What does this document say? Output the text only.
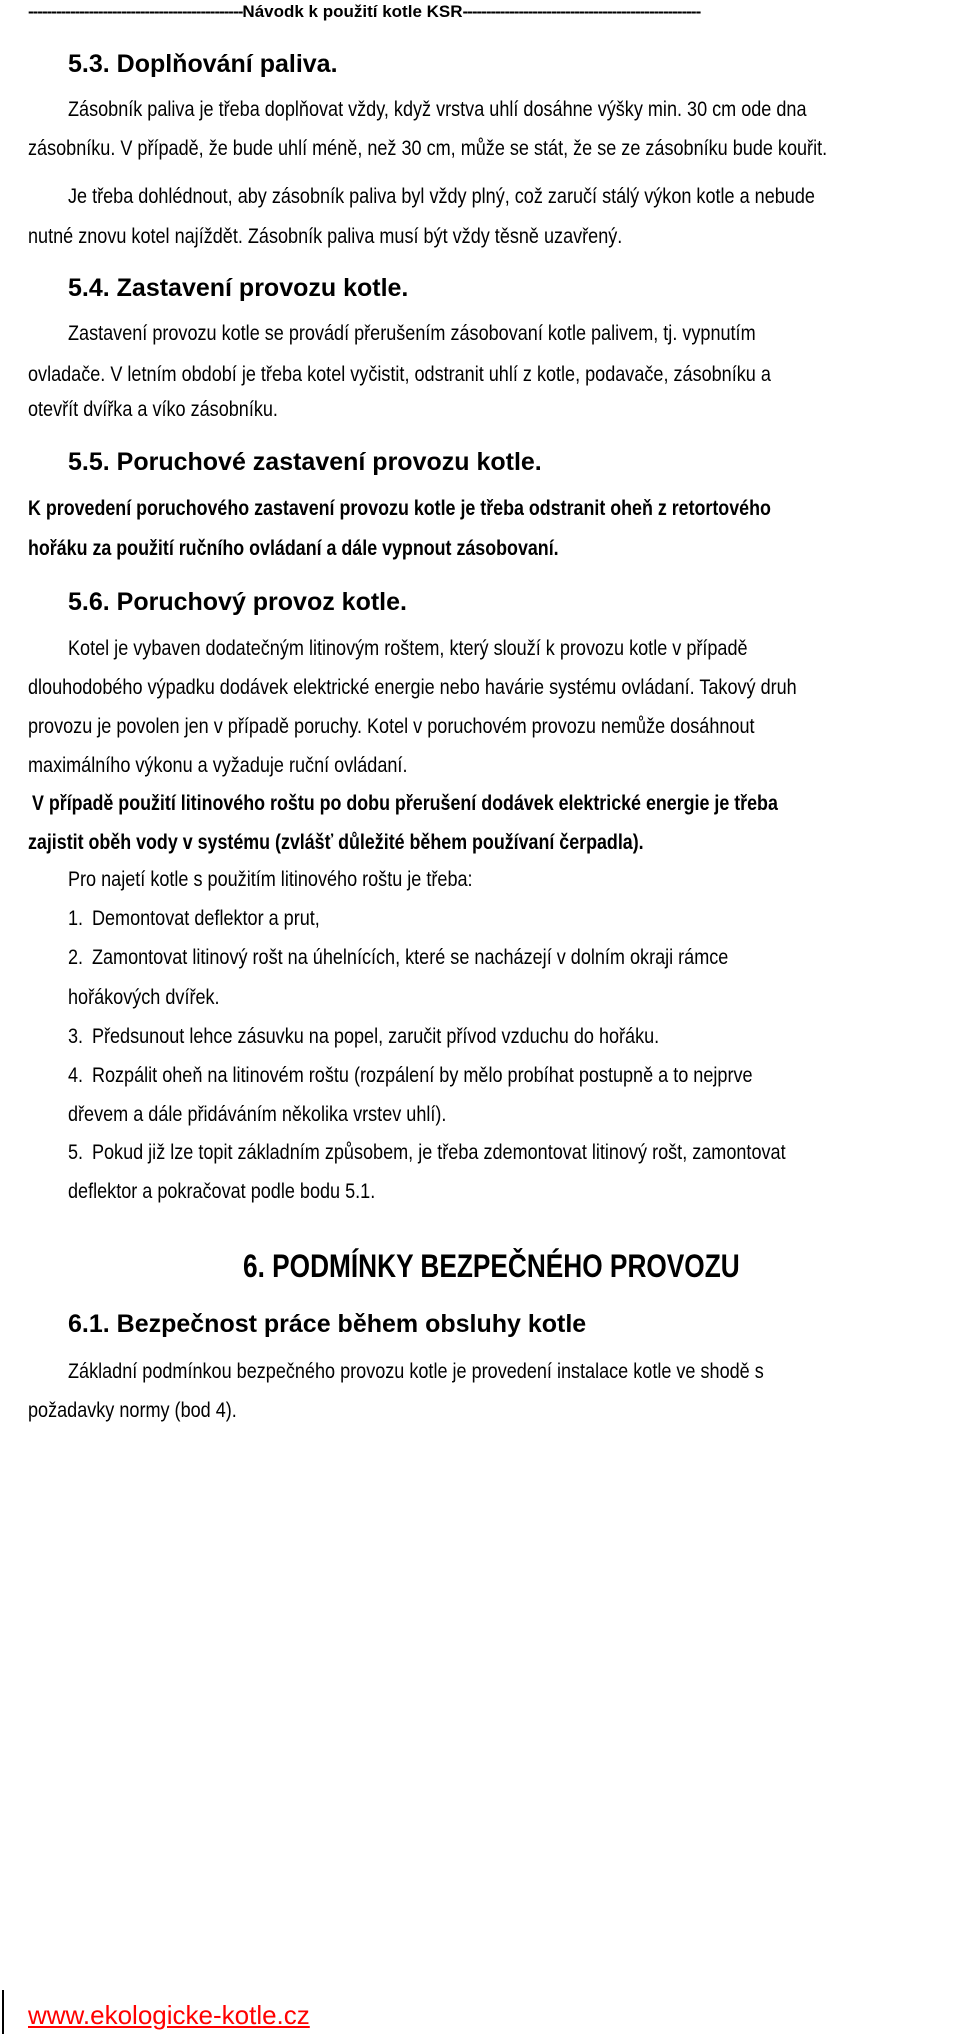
----------------------------------------------Návodk k použití kotle KSR---------------------------------------------------
5.3. Doplňování paliva.
Zásobník paliva je třeba doplňovat vždy, když vrstva uhlí dosáhne výšky min. 30 cm ode dna
zásobníku. V případě, že bude uhlí méně, než 30 cm, může se stát, že se ze zásobníku bude kouřit.
Je třeba dohlédnout, aby zásobník paliva byl vždy plný, což zaručí stálý výkon kotle a nebude
nutné znovu kotel najíždět. Zásobník paliva musí být vždy těsně uzavřený.
5.4. Zastavení provozu kotle.
Zastavení provozu kotle se provádí přerušením zásobovaní kotle palivem, tj. vypnutím
ovladače. V letním období je třeba kotel vyčistit, odstranit uhlí z kotle, podavače, zásobníku a
otevřít dvířka a víko zásobníku.
5.5. Poruchové zastavení provozu kotle.
K provedení poruchového zastavení provozu kotle je třeba odstranit oheň z retortového
hořáku za použití ručního ovládaní a dále vypnout zásobovaní.
5.6. Poruchový provoz kotle.
Kotel je vybaven dodatečným litinovým roštem, který slouží k provozu kotle v případě
dlouhodobého výpadku dodávek elektrické energie nebo havárie systému ovládaní. Takový druh
provozu je povolen jen v případě poruchy. Kotel v poruchovém provozu nemůže dosáhnout
maximálního výkonu a vyžaduje ruční ovládaní.
V případě použití litinového roštu po dobu přerušení dodávek elektrické energie je třeba
zajistit oběh vody v systému (zvlášť důležité během používaní čerpadla).
Pro najetí kotle s použitím litinového roštu je třeba:
1. Demontovat deflektor a prut,
2. Zamontovat litinový rošt na úhelnících, které se nacházejí v dolním okraji rámce
hořákových dvířek.
3. Předsunout lehce zásuvku na popel, zaručit přívod vzduchu do hořáku.
4. Rozpálit oheň na litinovém roštu (rozpálení by mělo probíhat postupně a to nejprve
dřevem a dále přidáváním několika vrstev uhlí).
5. Pokud již lze topit základním způsobem, je třeba zdemontovat litinový rošt, zamontovat
deflektor a pokračovat podle bodu 5.1.
6. PODMÍNKY BEZPEČNÉHO PROVOZU
6.1. Bezpečnost práce během obsluhy kotle
Základní podmínkou bezpečného provozu kotle je provedení instalace kotle ve shodě s
požadavky normy (bod 4).
www.ekologicke-kotle.cz
